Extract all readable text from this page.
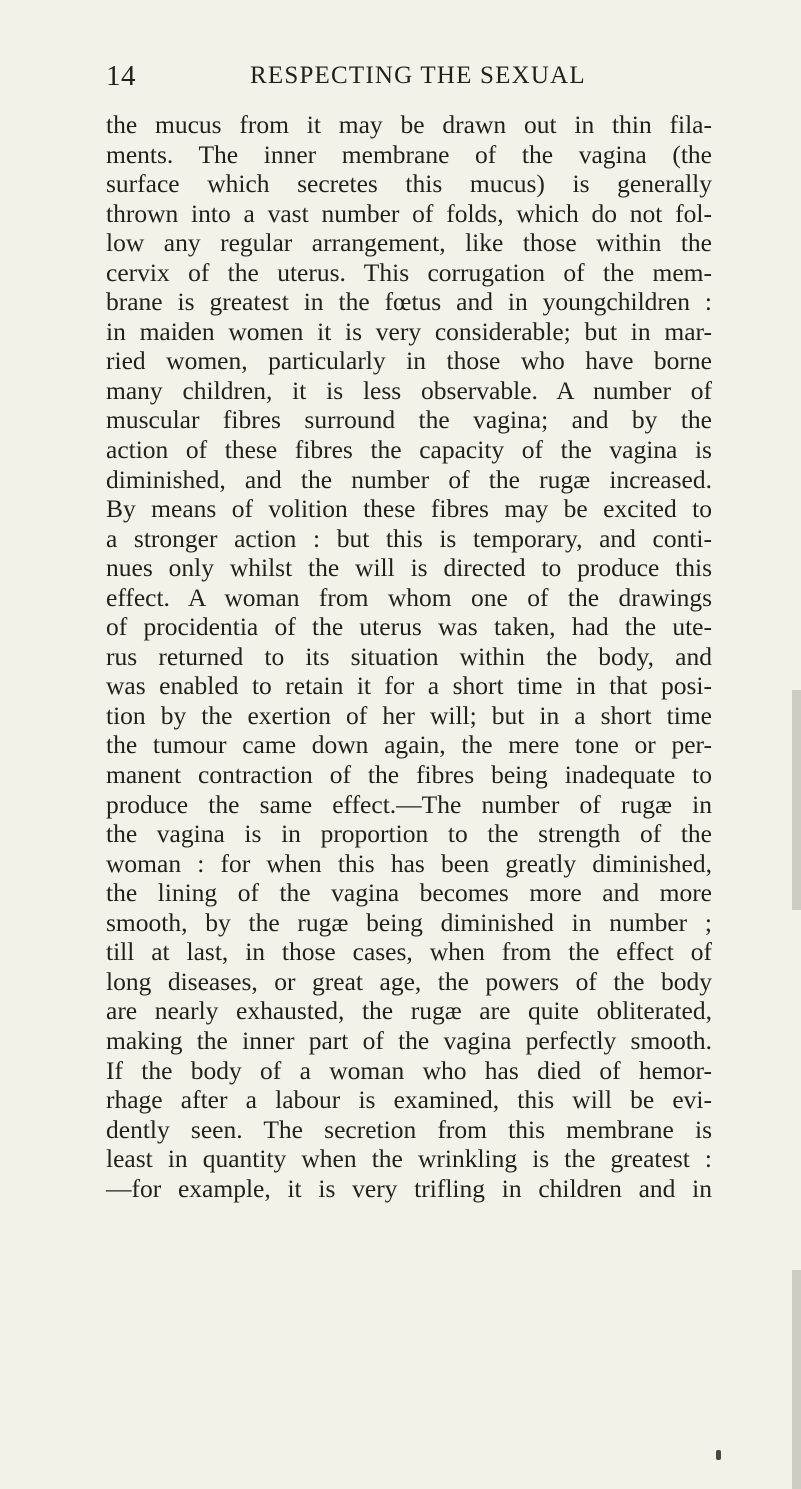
14	RESPECTING THE SEXUAL
the mucus from it may be drawn out in thin fila-
ments. The inner membrane of the vagina (the
surface which secretes this mucus) is generally
thrown into a vast number of folds, which do not fol-
low any regular arrangement, like those within the
cervix of the uterus. This corrugation of the mem-
brane is greatest in the fœtus and in youngchildren :
in maiden women it is very considerable; but in mar-
ried women, particularly in those who have borne
many children, it is less observable. A number of
muscular fibres surround the vagina; and by the
action of these fibres the capacity of the vagina is
diminished, and the number of the rugæ increased.
By means of volition these fibres may be excited to
a stronger action : but this is temporary, and conti-
nues only whilst the will is directed to produce this
effect. A woman from whom one of the drawings
of procidentia of the uterus was taken, had the ute-
rus returned to its situation within the body, and
was enabled to retain it for a short time in that posi-
tion by the exertion of her will; but in a short time
the tumour came down again, the mere tone or per-
manent contraction of the fibres being inadequate to
produce the same effect.—The number of rugæ in
the vagina is in proportion to the strength of the
woman : for when this has been greatly diminished,
the lining of the vagina becomes more and more
smooth, by the rugæ being diminished in number ;
till at last, in those cases, when from the effect of
long diseases, or great age, the powers of the body
are nearly exhausted, the rugæ are quite obliterated,
making the inner part of the vagina perfectly smooth.
If the body of a woman who has died of hemor-
rhage after a labour is examined, this will be evi-
dently seen. The secretion from this membrane is
least in quantity when the wrinkling is the greatest :
—for example, it is very trifling in children and in
